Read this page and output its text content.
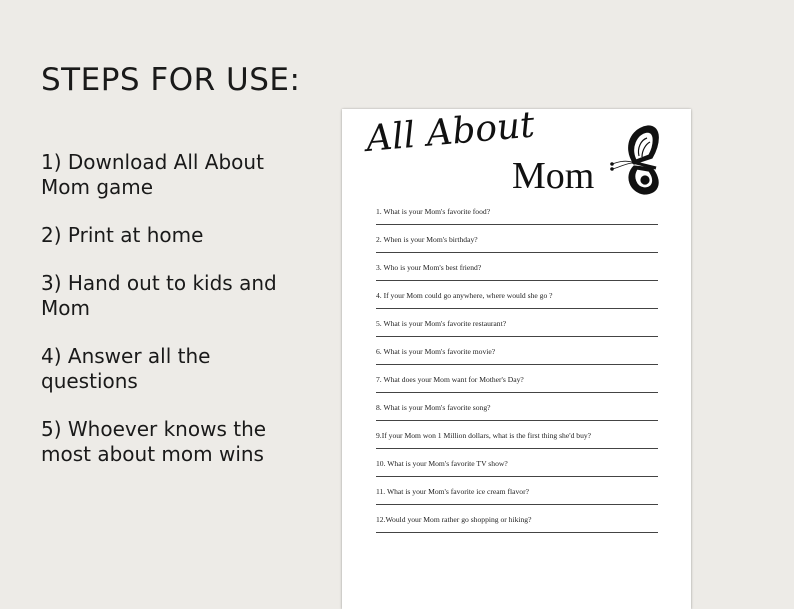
STEPS FOR USE:
1) Download All About Mom game
2) Print at home
3) Hand out to kids and Mom
4) Answer all the questions
5) Whoever knows the most about mom wins
All About
Mom
1. What is your Mom's favorite food?
2. When is your Mom's birthday?
3. Who is your Mom's best friend?
4. If your Mom could go anywhere, where would she go ?
5. What is your Mom's favorite restaurant?
6. What is your Mom's favorite movie?
7. What does your Mom want for Mother's Day?
8. What is your Mom's favorite song?
9.If your Mom won 1 Million dollars, what is the first thing she'd buy?
10. What is your Mom's favorite TV show?
11. What is your Mom's favorite ice cream flavor?
12.Would your Mom rather go shopping or hiking?
